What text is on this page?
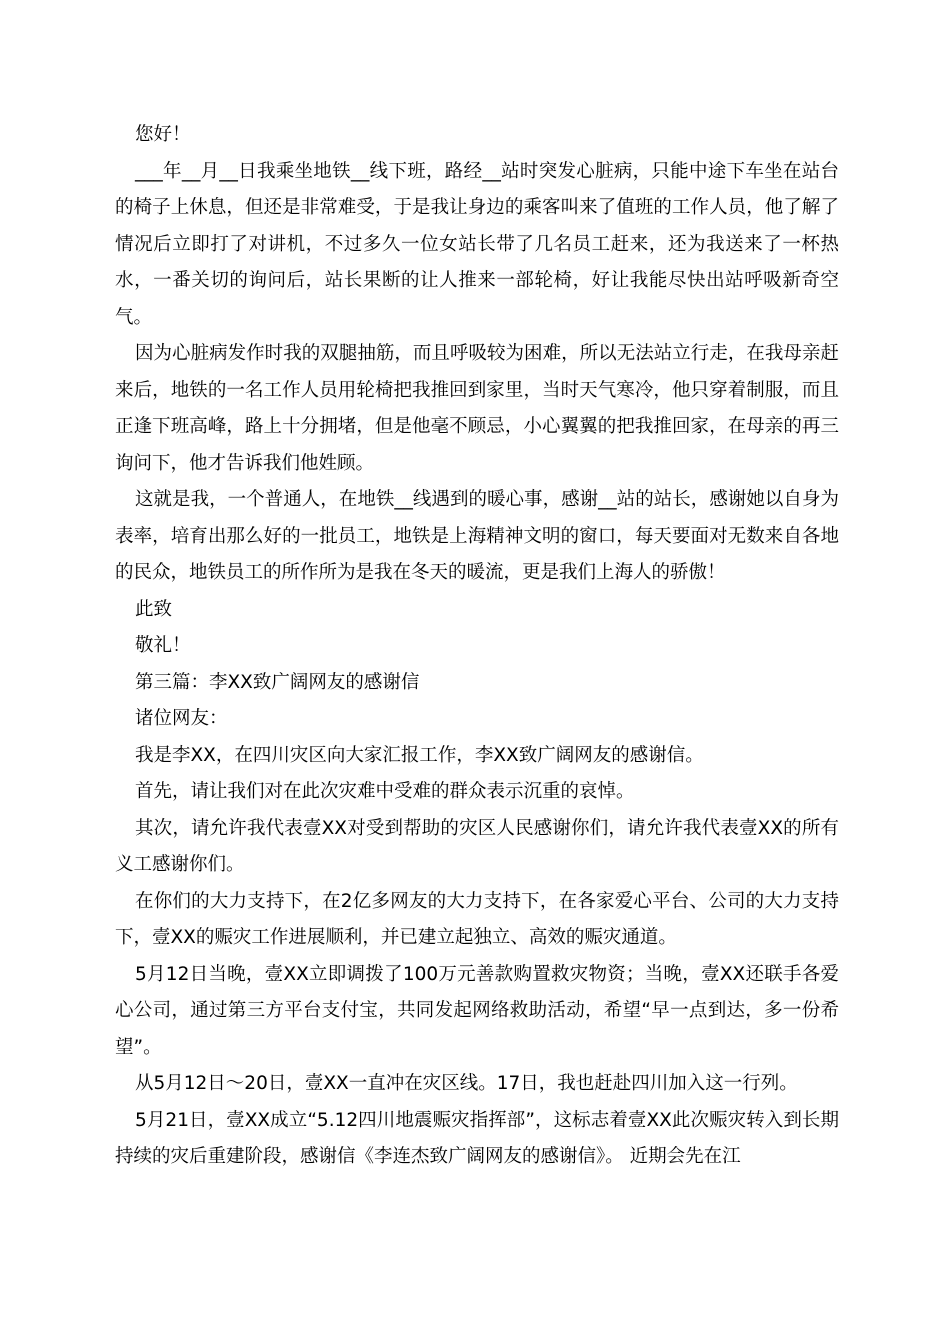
您好！

___年__月__日我乘坐地铁__线下班，路经__站时突发心脏病，只能中途下车坐在站台的椅子上休息，但还是非常难受，于是我让身边的乘客叫来了值班的工作人员，他了解了情况后立即打了对讲机，不过多久一位女站长带了几名员工赶来，还为我送来了一杯热水，一番关切的询问后，站长果断的让人推来一部轮椅，好让我能尽快出站呼吸新奇空气。

因为心脏病发作时我的双腿抽筋，而且呼吸较为困难，所以无法站立行走，在我母亲赶来后，地铁的一名工作人员用轮椅把我推回到家里，当时天气寒冷，他只穿着制服，而且正逢下班高峰，路上十分拥堵，但是他毫不顾忌，小心翼翼的把我推回家，在母亲的再三询问下，他才告诉我们他姓顾。

这就是我，一个普通人，在地铁__线遇到的暖心事，感谢__站的站长，感谢她以自身为表率，培育出那么好的一批员工，地铁是上海精神文明的窗口，每天要面对无数来自各地的民众，地铁员工的所作所为是我在冬天的暖流，更是我们上海人的骄傲！

此致

敬礼！

第三篇：李XX致广阔网友的感谢信

诸位网友：

我是李XX，在四川灾区向大家汇报工作，李XX致广阔网友的感谢信。

首先，请让我们对在此次灾难中受难的群众表示沉重的哀悼。

其次，请允许我代表壹XX对受到帮助的灾区人民感谢你们，请允许我代表壹XX的所有义工感谢你们。

在你们的大力支持下，在2亿多网友的大力支持下，在各家爱心平台、公司的大力支持下，壹XX的赈灾工作进展顺利，并已建立起独立、高效的赈灾通道。

5月12日当晚，壹XX立即调拨了100万元善款购置救灾物资；当晚，壹XX还联手各爱心公司，通过第三方平台支付宝，共同发起网络救助活动，希望“早一点到达，多一份希望”。

从5月12日～20日，壹XX一直冲在灾区线。17日，我也赶赴四川加入这一行列。

5月21日，壹XX成立“5.12四川地震赈灾指挥部”，这标志着壹XX此次赈灾转入到长期持续的灾后重建阶段，感谢信《李连杰致广阔网友的感谢信》。 近期会先在江
